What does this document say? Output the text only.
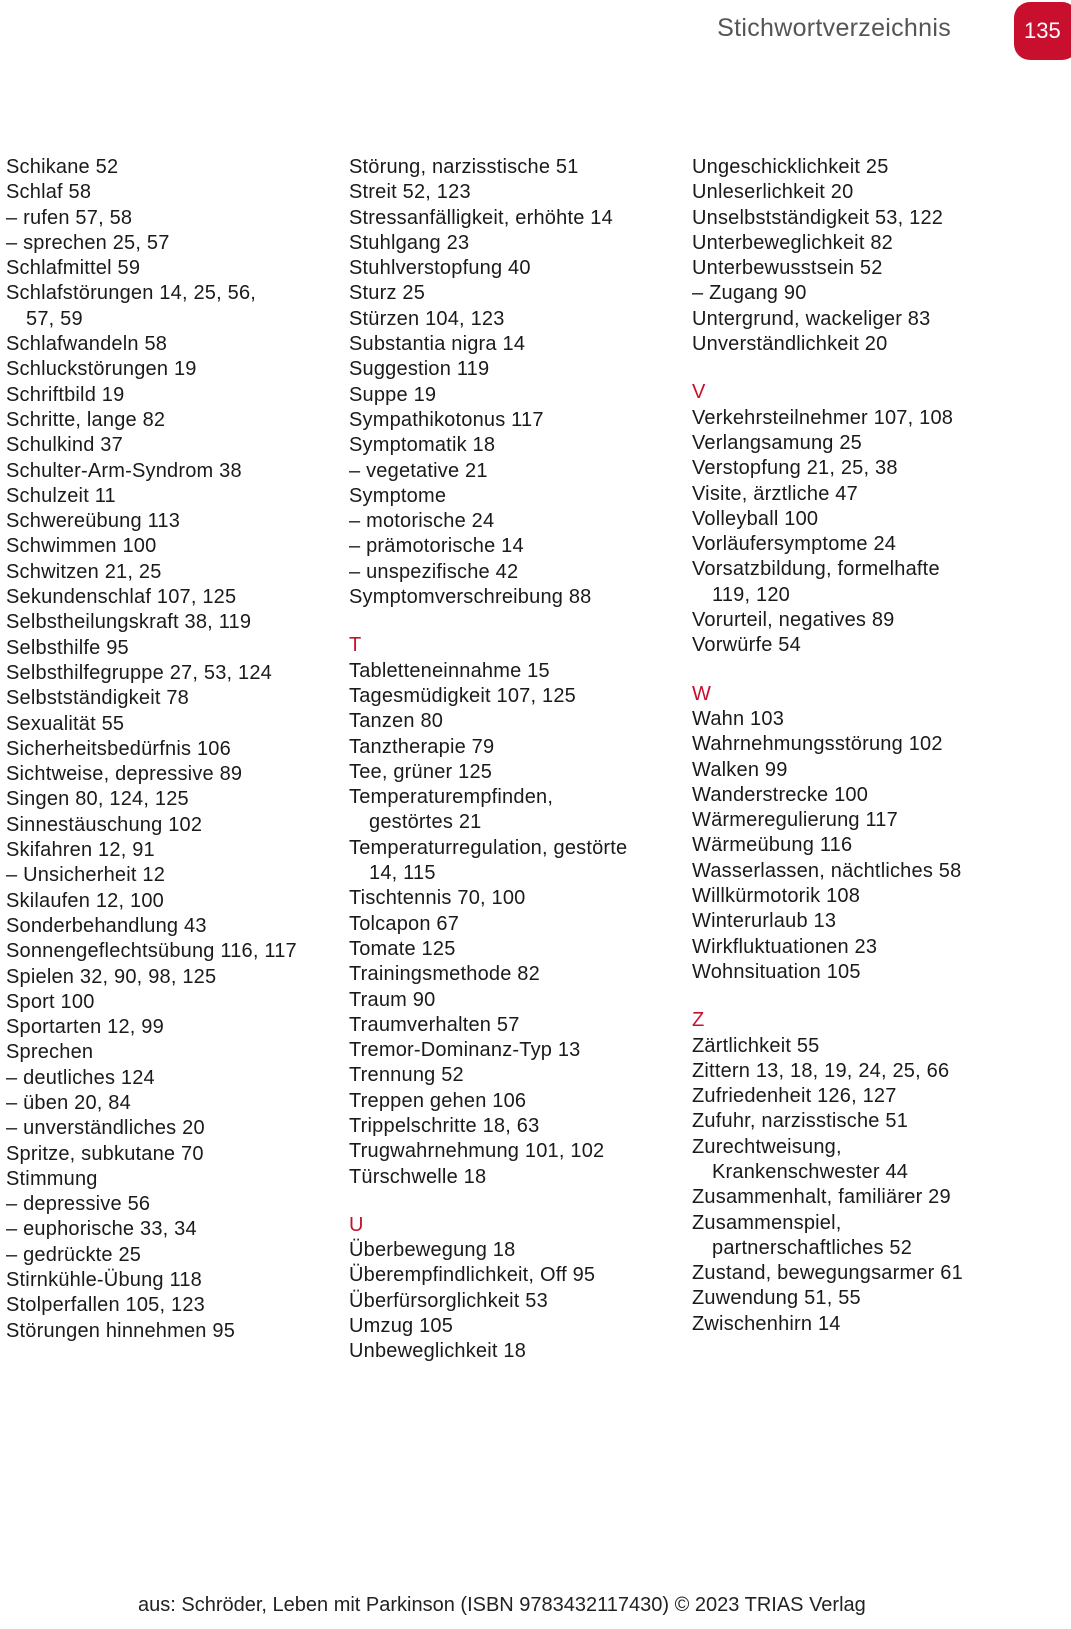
Stichwortverzeichnis	135
Schikane 52
Schlaf 58
– rufen 57, 58
– sprechen 25, 57
Schlafmittel 59
Schlafstörungen 14, 25, 56,
57, 59
Schlafwandeln 58
Schluckstörungen 19
Schriftbild 19
Schritte, lange 82
Schulkind 37
Schulter-Arm-Syndrom 38
Schulzeit 11
Schwereübung 113
Schwimmen 100
Schwitzen 21, 25
Sekundenschlaf 107, 125
Selbstheilungskraft 38, 119
Selbsthilfe 95
Selbsthilfegruppe 27, 53, 124
Selbstständigkeit 78
Sexualität 55
Sicherheitsbedürfnis 106
Sichtweise, depressive 89
Singen 80, 124, 125
Sinnestäuschung 102
Skifahren 12, 91
– Unsicherheit 12
Skilaufen 12, 100
Sonderbehandlung 43
Sonnengeflechtsübung 116, 117
Spielen 32, 90, 98, 125
Sport 100
Sportarten 12, 99
Sprechen
– deutliches 124
– üben 20, 84
– unverständliches 20
Spritze, subkutane 70
Stimmung
– depressive 56
– euphorische 33, 34
– gedrückte 25
Stirnkühle-Übung 118
Stolperfallen 105, 123
Störungen hinnehmen 95
Störung, narzisstische 51
Streit 52, 123
Stressanfälligkeit, erhöhte 14
Stuhlgang 23
Stuhlverstopfung 40
Sturz 25
Stürzen 104, 123
Substantia nigra 14
Suggestion 119
Suppe 19
Sympathikotonus 117
Symptomatik 18
– vegetative 21
Symptome
– motorische 24
– prämotorische 14
– unspezifische 42
Symptomverschreibung 88
T
Tabletteneinnahme 15
Tagesmüdigkeit 107, 125
Tanzen 80
Tanztherapie 79
Tee, grüner 125
Temperaturempfinden,
gestörtes 21
Temperaturregulation, gestörte
14, 115
Tischtennis 70, 100
Tolcapon 67
Tomate 125
Trainingsmethode 82
Traum 90
Traumverhalten 57
Tremor-Dominanz-Typ 13
Trennung 52
Treppen gehen 106
Trippelschritte 18, 63
Trugwahrnehmung 101, 102
Türschwelle 18
U
Überbewegung 18
Überempfindlichkeit, Off 95
Überfürsorglichkeit 53
Umzug 105
Unbeweglichkeit 18
Ungeschicklichkeit 25
Unleserlichkeit 20
Unselbstständigkeit 53, 122
Unterbeweglichkeit 82
Unterbewusstsein 52
– Zugang 90
Untergrund, wackeliger 83
Unverständlichkeit 20
V
Verkehrsteilnehmer 107, 108
Verlangsamung 25
Verstopfung 21, 25, 38
Visite, ärztliche 47
Volleyball 100
Vorläufersymptome 24
Vorsatzbildung, formelhafte
119, 120
Vorurteil, negatives 89
Vorwürfe 54
W
Wahn 103
Wahrnehmungsstörung 102
Walken 99
Wanderstrecke 100
Wärmeregulierung 117
Wärmeübung 116
Wasserlassen, nächtliches 58
Willkürmotorik 108
Winterurlaub 13
Wirkfluktuationen 23
Wohnsituation 105
Z
Zärtlichkeit 55
Zittern 13, 18, 19, 24, 25, 66
Zufriedenheit 126, 127
Zufuhr, narzisstische 51
Zurechtweisung,
Krankenschwester 44
Zusammenhalt, familiärer 29
Zusammenspiel,
partnerschaftliches 52
Zustand, bewegungsarmer 61
Zuwendung 51, 55
Zwischenhirn 14
aus: Schröder, Leben mit Parkinson (ISBN 9783432117430) © 2023 TRIAS Verlag
